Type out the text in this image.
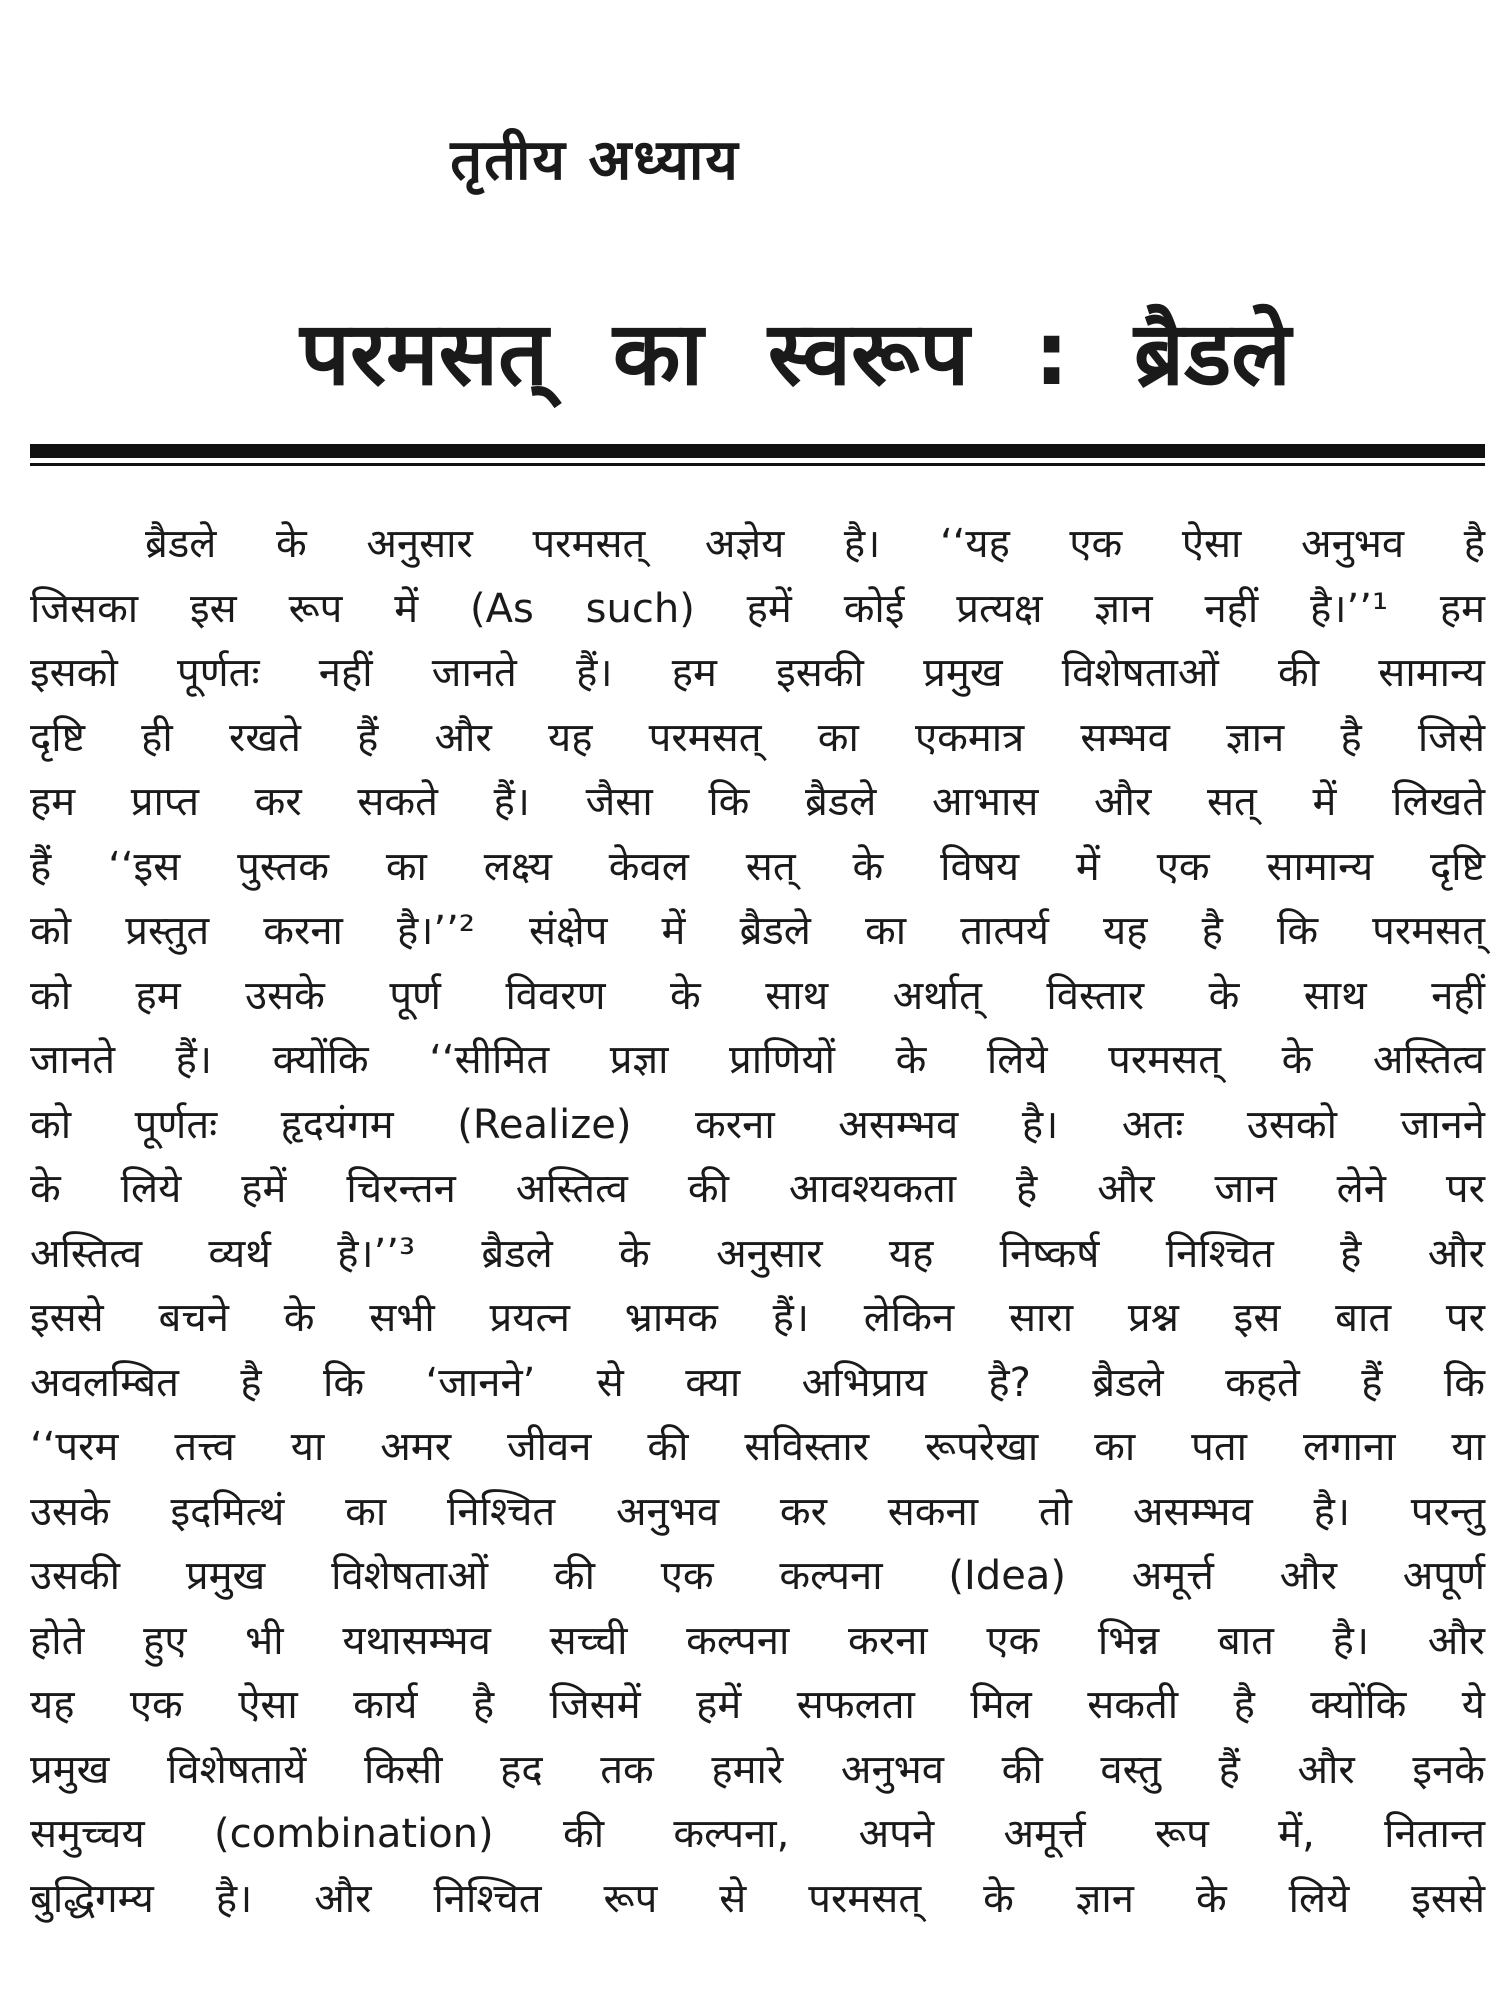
तृतीय अध्याय
परमसत् का स्वरूप : ब्रैडले
ब्रैडले के अनुसार परमसत् अज्ञेय है। ‘‘यह एक ऐसा अनुभव है
जिसका इस रूप में (As such) हमें कोई प्रत्यक्ष ज्ञान नहीं है।’’¹ हम
इसको पूर्णतः नहीं जानते हैं। हम इसकी प्रमुख विशेषताओं की सामान्य
दृष्टि ही रखते हैं और यह परमसत् का एकमात्र सम्भव ज्ञान है जिसे
हम प्राप्त कर सकते हैं। जैसा कि ब्रैडले आभास और सत् में लिखते
हैं ‘‘इस पुस्तक का लक्ष्य केवल सत् के विषय में एक सामान्य दृष्टि
को प्रस्तुत करना है।’’² संक्षेप में ब्रैडले का तात्पर्य यह है कि परमसत्
को हम उसके पूर्ण विवरण के साथ अर्थात् विस्तार के साथ नहीं
जानते हैं। क्योंकि ‘‘सीमित प्रज्ञा प्राणियों के लिये परमसत् के अस्तित्व
को पूर्णतः हृदयंगम (Realize) करना असम्भव है। अतः उसको जानने
के लिये हमें चिरन्तन अस्तित्व की आवश्यकता है और जान लेने पर
अस्तित्व व्यर्थ है।’’³ ब्रैडले के अनुसार यह निष्कर्ष निश्चित है और
इससे बचने के सभी प्रयत्न भ्रामक हैं। लेकिन सारा प्रश्न इस बात पर
अवलम्बित है कि ‘जानने’ से क्या अभिप्राय है? ब्रैडले कहते हैं कि
‘‘परम तत्त्व या अमर जीवन की सविस्तार रूपरेखा का पता लगाना या
उसके इदमित्थं का निश्चित अनुभव कर सकना तो असम्भव है। परन्तु
उसकी प्रमुख विशेषताओं की एक कल्पना (Idea) अमूर्त्त और अपूर्ण
होते हुए भी यथासम्भव सच्ची कल्पना करना एक भिन्न बात है। और
यह एक ऐसा कार्य है जिसमें हमें सफलता मिल सकती है क्योंकि ये
प्रमुख विशेषतायें किसी हद तक हमारे अनुभव की वस्तु हैं और इनके
समुच्चय (combination) की कल्पना, अपने अमूर्त्त रूप में, नितान्त
बुद्धिगम्य है। और निश्चित रूप से परमसत् के ज्ञान के लिये इससे
